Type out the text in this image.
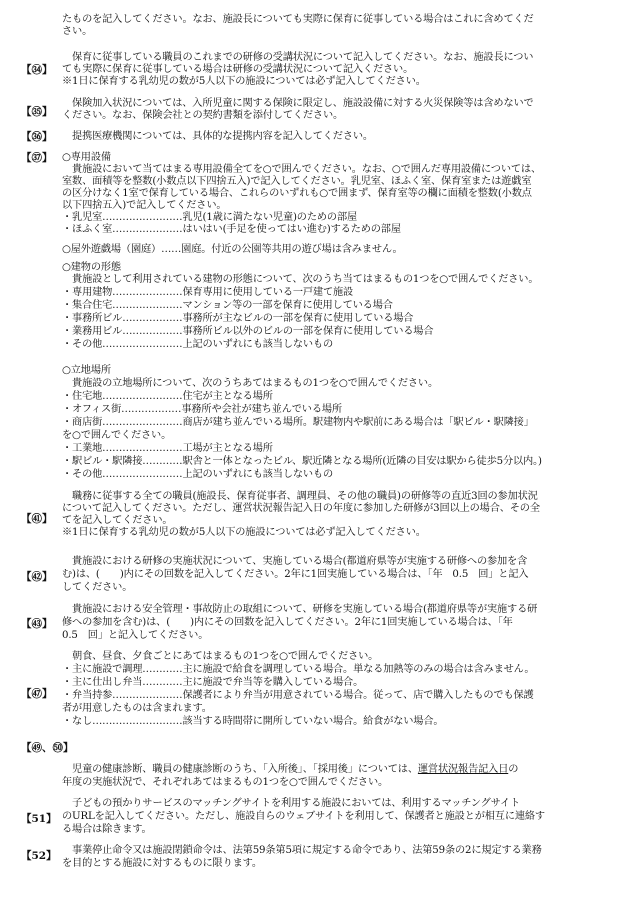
たものを記入してください。なお、施設長についても実際に保育に従事している場合はこれに含めてくだ
さい。
【㉞】
　保育に従事している職員のこれまでの研修の受講状況について記入してください。なお、施設長につい
ても実際に保育に従事している場合は研修の受講状況について記入ください。
※1日に保育する乳幼児の数が5人以下の施設については必ず記入してください。
【㉟】
　保険加入状況については、入所児童に関する保険に限定し、施設設備に対する火災保険等は含めないで
ください。なお、保険会社との契約書類を添付してください。
【㊱】 　提携医療機関については、具体的な提携内容を記入してください。
【㊲】 ○専用設備
　貴施設において当てはまる専用設備全てを○で囲んでください。なお、○で囲んだ専用設備については、
室数、面積等を整数(小数点以下四捨五入)で記入してください。乳児室、ほふく室、保育室または遊戯室
の区分けなく1室で保育している場合、これらのいずれも○で囲まず、保育室等の欄に面積を整数(小数点
以下四捨五入)で記入してください。
・乳児室……………………乳児(1歳に満たない児童)のための部屋
・ほふく室…………………はいはい(手足を使ってはい進む)するための部屋
○屋外遊戯場（園庭）……園庭。付近の公園等共用の遊び場は含みません。
○建物の形態
　貴施設として利用されている建物の形態について、次のうち当てはまるもの1つを○で囲んでください。
・専用建物…………………保育専用に使用している一戸建て施設
・集合住宅…………………マンション等の一部を保育に使用している場合
・事務所ビル………………事務所が主なビルの一部を保育に使用している場合
・業務用ビル………………事務所ビル以外のビルの一部を保育に使用している場合
・その他……………………上記のいずれにも該当しないもの
○立地場所
　貴施設の立地場所について、次のうちあてはまるもの1つを○で囲んでください。
・住宅地……………………住宅が主となる場所
・オフィス街………………事務所や会社が建ち並んでいる場所
・商店街……………………商店が建ち並んでいる場所。駅建物内や駅前にある場合は「駅ビル・駅隣接」
を○で囲んでください。
・工業地……………………工場が主となる場所
・駅ビル・駅隣接…………駅舎と一体となったビル、駅近隣となる場所(近隣の目安は駅から徒歩5分以内。)
・その他……………………上記のいずれにも該当しないもの
【㊶】
　職務に従事する全ての職員(施設長、保育従事者、調理員、その他の職員)の研修等の直近3回の参加状況
について記入してください。ただし、運営状況報告記入日の年度に参加した研修が3回以上の場合、その全
てを記入してください。
※1日に保育する乳幼児の数が5人以下の施設については必ず記入してください。
【㊷】
　貴施設における研修の実施状況について、実施している場合(都道府県等が実施する研修への参加を含
む)は、(　　)内にその回数を記入してください。2年に1回実施している場合は、「年　0.5　回」と記入
してください。
【㊸】
　貴施設における安全管理・事故防止の取組について、研修を実施している場合(都道府県等が実施する研
修への参加を含む)は、(　　)内にその回数を記入してください。2年に1回実施している場合は、「年
0.5　回」と記入してください。
【㊼】
　朝食、昼食、夕食ごとにあてはまるもの1つを○で囲んでください。
・主に施設で調理…………主に施設で給食を調理している場合。単なる加熱等のみの場合は含みません。
・主に仕出し弁当…………主に施設で弁当等を購入している場合。
・弁当持参…………………保護者により弁当が用意されている場合。従って、店で購入したものでも保護
者が用意したものは含まれます。
・なし………………………該当する時間帯に開所していない場合。給食がない場合。
【㊾、㊿】
　児童の健康診断、職員の健康診断のうち、「入所後」、「採用後」については、運営状況報告記入日の
年度の実施状況で、それぞれあてはまるもの1つを○で囲んでください。
【51】
　子どもの預かりサービスのマッチングサイトを利用する施設においては、利用するマッチングサイト
のURLを記入してください。ただし、施設自らのウェブサイトを利用して、保護者と施設とが相互に連絡す
る場合は除きます。
【52】 　事業停止命令又は施設閉鎖命令は、法第59条第5項に規定する命令であり、法第59条の2に規定する業務
を目的とする施設に対するものに限ります。
